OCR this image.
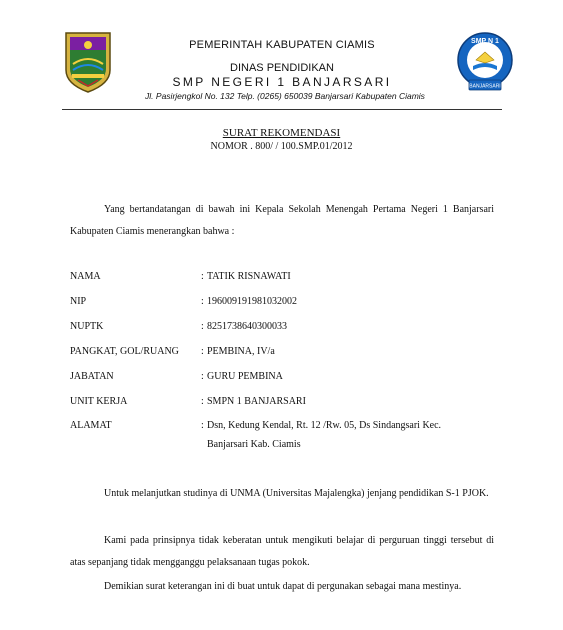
PEMERINTAH KABUPATEN CIAMIS
DINAS PENDIDIKAN
SMP NEGERI 1 BANJARSARI
Jl. Pasirjengkol No. 132 Telp. (0265) 650039 Banjarsari Kabupaten Ciamis
SMP N 1
BANJARSARI
SURAT REKOMENDASI
NOMOR . 800/ / 100.SMP.01/2012
Yang bertandatangan di bawah ini Kepala Sekolah Menengah Pertama Negeri 1 Banjarsari Kabupaten Ciamis menerangkan bahwa :
NAMA	: TATIK RISNAWATI
NIP	: 196009191981032002
NUPTK	: 8251738640300033
PANGKAT, GOL/RUANG : PEMBINA, IV/a
JABATAN	: GURU PEMBINA
UNIT KERJA	: SMPN 1 BANJARSARI
ALAMAT	: Dsn, Kedung Kendal, Rt. 12 /Rw. 05, Ds Sindangsari Kec.
Banjarsari Kab. Ciamis
Untuk melanjutkan studinya di UNMA (Universitas Majalengka) jenjang pendidikan S-1 PJOK.
Kami pada prinsipnya tidak keberatan untuk mengikuti belajar di perguruan tinggi tersebut di atas sepanjang tidak mengganggu pelaksanaan tugas pokok.
Demikian surat keterangan ini di buat untuk dapat di pergunakan sebagai mana mestinya.
